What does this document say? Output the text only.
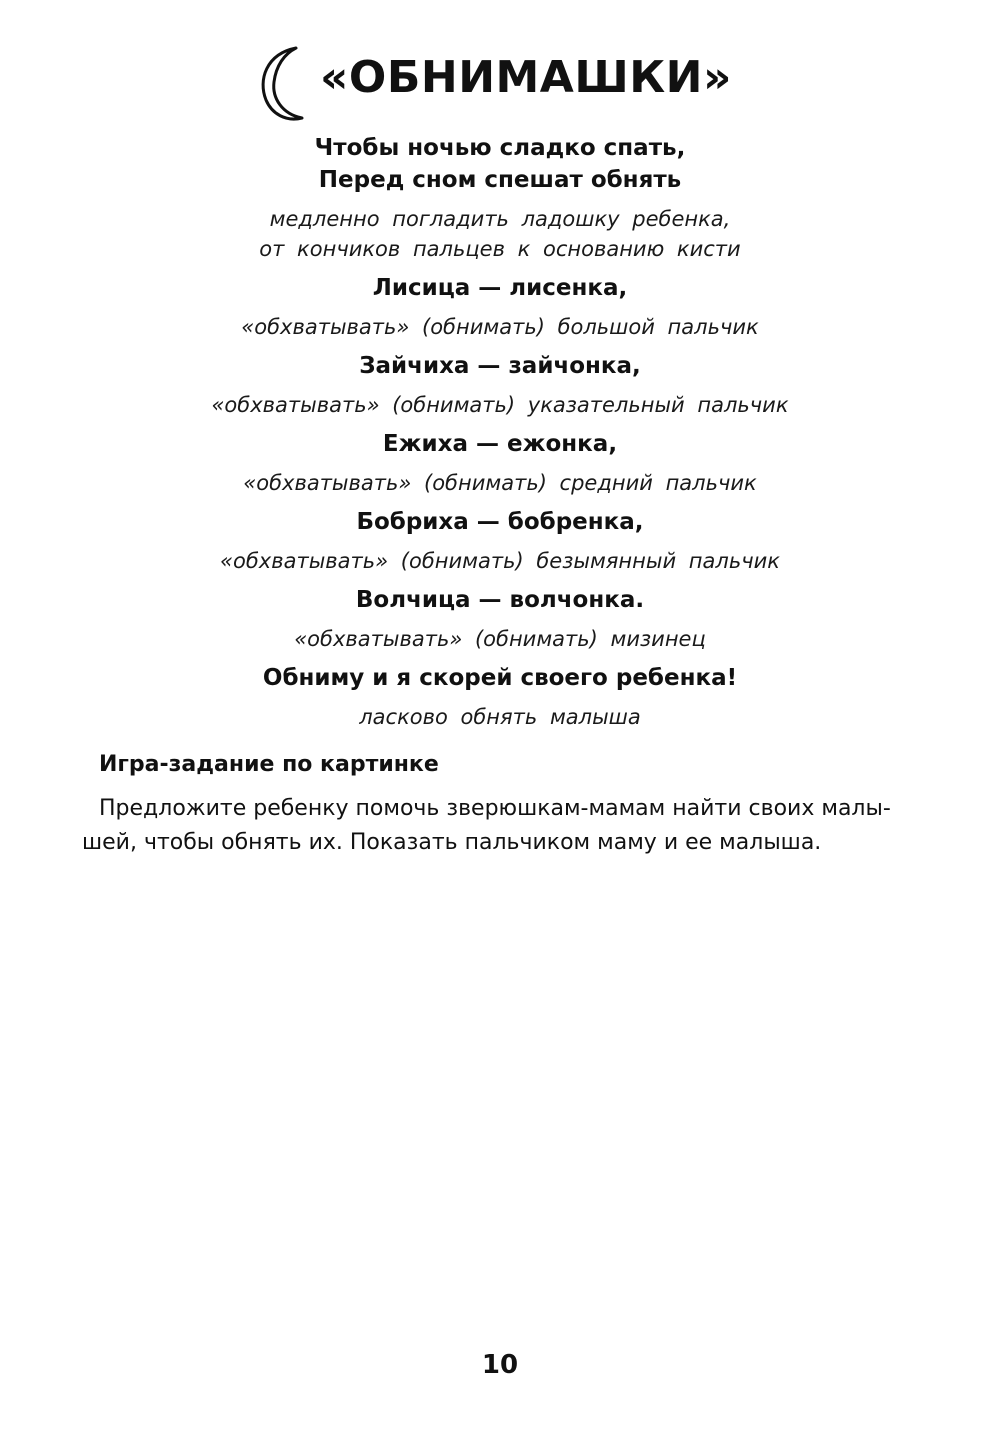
«ОБНИМАШКИ»
Чтобы ночью сладко спать,
Перед сном спешат обнять
медленно погладить ладошку ребенка,
от кончиков пальцев к основанию кисти
Лисица — лисенка,
«обхватывать» (обнимать) большой пальчик
Зайчиха — зайчонка,
«обхватывать» (обнимать) указательный пальчик
Ежиха — ежонка,
«обхватывать» (обнимать) средний пальчик
Бобриха — бобренка,
«обхватывать» (обнимать) безымянный пальчик
Волчица — волчонка.
«обхватывать» (обнимать) мизинец
Обниму и я скорей своего ребенка!
ласково обнять малыша
Игра-задание по картинке
Предложите ребенку помочь зверюшкам-мамам найти своих малы-
шей, чтобы обнять их. Показать пальчиком маму и ее малыша.
10
